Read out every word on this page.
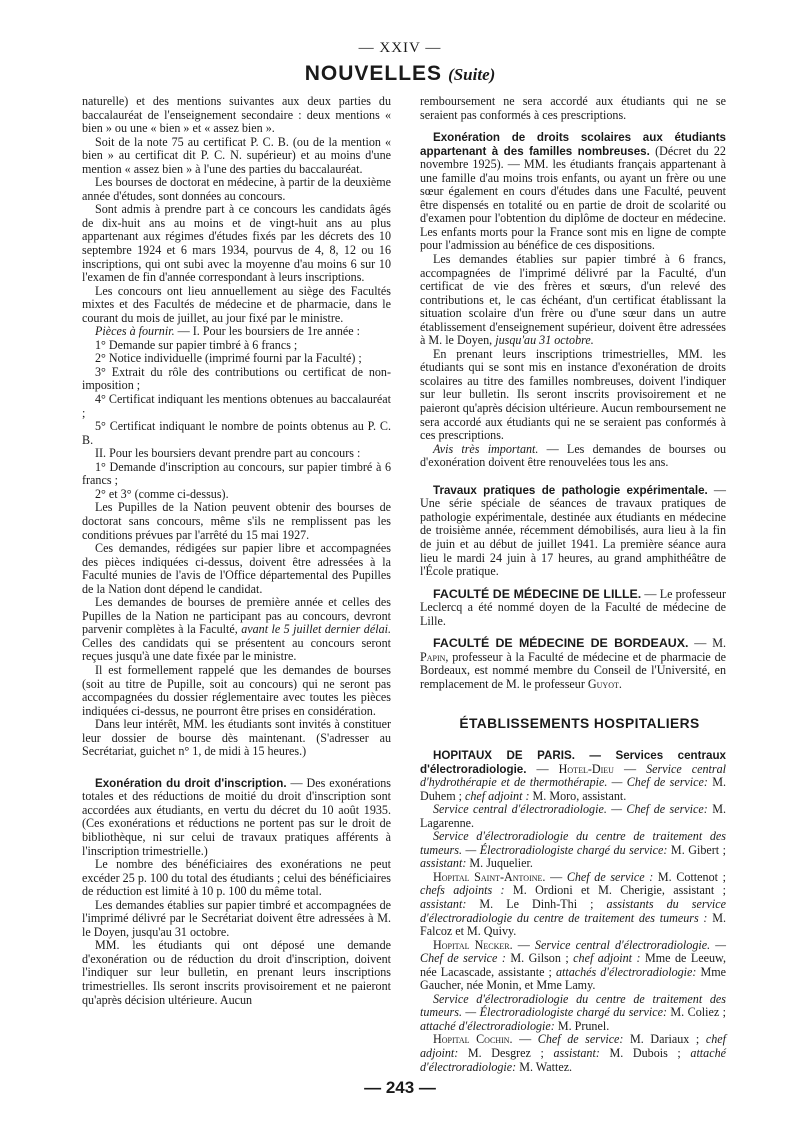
— XXIV —
NOUVELLES (Suite)

naturelle) et des mentions suivantes aux deux parties du baccalauréat de l'enseignement secondaire : deux mentions « bien » ou une « bien » et « assez bien ».

Soit de la note 75 au certificat P. C. B. (ou de la mention « bien » au certificat dit P. C. N. supérieur) et au moins d'une mention « assez bien » à l'une des parties du baccalauréat.

Les bourses de doctorat en médecine, à partir de la deuxième année d'études, sont données au concours.

Sont admis à prendre part à ce concours les candidats âgés de dix-huit ans au moins et de vingt-huit ans au plus appartenant aux régimes d'études fixés par les décrets des 10 septembre 1924 et 6 mars 1934, pourvus de 4, 8, 12 ou 16 inscriptions, qui ont subi avec la moyenne d'au moins 6 sur 10 l'examen de fin d'année correspondant à leurs inscriptions.

Les concours ont lieu annuellement au siège des Facultés mixtes et des Facultés de médecine et de pharmacie, dans le courant du mois de juillet, au jour fixé par le ministre.

Pièces à fournir. — I. Pour les boursiers de 1re année :

1° Demande sur papier timbré à 6 francs ;

2° Notice individuelle (imprimé fourni par la Faculté) ;

3° Extrait du rôle des contributions ou certificat de non-imposition ;

4° Certificat indiquant les mentions obtenues au baccalauréat ;

5° Certificat indiquant le nombre de points obtenus au P. C. B.

II. Pour les boursiers devant prendre part au concours :

1° Demande d'inscription au concours, sur papier timbré à 6 francs ;

2° et 3° (comme ci-dessus).

Les Pupilles de la Nation peuvent obtenir des bourses de doctorat sans concours, même s'ils ne remplissent pas les conditions prévues par l'arrêté du 15 mai 1927.

Ces demandes, rédigées sur papier libre et accompagnées des pièces indiquées ci-dessus, doivent être adressées à la Faculté munies de l'avis de l'Office départemental des Pupilles de la Nation dont dépend le candidat.

Les demandes de bourses de première année et celles des Pupilles de la Nation ne participant pas au concours, devront parvenir complètes à la Faculté, avant le 5 juillet dernier délai. Celles des candidats qui se présentent au concours seront reçues jusqu'à une date fixée par le ministre.

Il est formellement rappelé que les demandes de bourses (soit au titre de Pupille, soit au concours) qui ne seront pas accompagnées du dossier réglementaire avec toutes les pièces indiquées ci-dessus, ne pourront être prises en considération.

Dans leur intérêt, MM. les étudiants sont invités à constituer leur dossier de bourse dès maintenant. (S'adresser au Secrétariat, guichet n° 1, de midi à 15 heures.)

Exonération du droit d'inscription. — Des exonérations totales et des réductions de moitié du droit d'inscription sont accordées aux étudiants, en vertu du décret du 10 août 1935. (Ces exonérations et réductions ne portent pas sur le droit de bibliothèque, ni sur celui de travaux pratiques afférents à l'inscription trimestrielle.)

Le nombre des bénéficiaires des exonérations ne peut excéder 25 p. 100 du total des étudiants ; celui des bénéficiaires de réduction est limité à 10 p. 100 du même total.

Les demandes établies sur papier timbré et accompagnées de l'imprimé délivré par le Secrétariat doivent être adressées à M. le Doyen, jusqu'au 31 octobre.

MM. les étudiants qui ont déposé une demande d'exonération ou de réduction du droit d'inscription, doivent l'indiquer sur leur bulletin, en prenant leurs inscriptions trimestrielles. Ils seront inscrits provisoirement et ne paieront qu'après décision ultérieure. Aucun

remboursement ne sera accordé aux étudiants qui ne se seraient pas conformés à ces prescriptions.

Exonération de droits scolaires aux étudiants appartenant à des familles nombreuses. (Décret du 22 novembre 1925). — MM. les étudiants français appartenant à une famille d'au moins trois enfants, ou ayant un frère ou une sœur également en cours d'études dans une Faculté, peuvent être dispensés en totalité ou en partie de droit de scolarité ou d'examen pour l'obtention du diplôme de docteur en médecine. Les enfants morts pour la France sont mis en ligne de compte pour l'admission au bénéfice de ces dispositions.

Les demandes établies sur papier timbré à 6 francs, accompagnées de l'imprimé délivré par la Faculté, d'un certificat de vie des frères et sœurs, d'un relevé des contributions et, le cas échéant, d'un certificat établissant la situation scolaire d'un frère ou d'une sœur dans un autre établissement d'enseignement supérieur, doivent être adressées à M. le Doyen, jusqu'au 31 octobre.

En prenant leurs inscriptions trimestrielles, MM. les étudiants qui se sont mis en instance d'exonération de droits scolaires au titre des familles nombreuses, doivent l'indiquer sur leur bulletin. Ils seront inscrits provisoirement et ne paieront qu'après décision ultérieure. Aucun remboursement ne sera accordé aux étudiants qui ne se seraient pas conformés à ces prescriptions.

Avis très important. — Les demandes de bourses ou d'exonération doivent être renouvelées tous les ans.

Travaux pratiques de pathologie expérimentale. — Une série spéciale de séances de travaux pratiques de pathologie expérimentale, destinée aux étudiants en médecine de troisième année, récemment démobilisés, aura lieu à la fin de juin et au début de juillet 1941. La première séance aura lieu le mardi 24 juin à 17 heures, au grand amphithéâtre de l'École pratique.

FACULTÉ DE MÉDECINE DE LILLE. — Le professeur Leclercq a été nommé doyen de la Faculté de médecine de Lille.

FACULTÉ DE MÉDECINE DE BORDEAUX. — M. Papin, professeur à la Faculté de médecine et de pharmacie de Bordeaux, est nommé membre du Conseil de l'Université, en remplacement de M. le professeur Guyot.

ÉTABLISSEMENTS HOSPITALIERS

HOPITAUX DE PARIS. — Services centraux d'électroradiologie. — Hotel-Dieu — Service central d'hydrothérapie et de thermothérapie. — Chef de service: M. Duhem ; chef adjoint : M. Moro, assistant.

Service central d'électroradiologie. — Chef de service: M. Lagarenne.

Service d'électroradiologie du centre de traitement des tumeurs. — Électroradiologiste chargé du service: M. Gibert ; assistant: M. Juquelier.

Hopital Saint-Antoine. — Chef de service : M. Cottenot ; chefs adjoints : M. Ordioni et M. Cherigie, assistant ; assistant: M. Le Dinh-Thi ; assistants du service d'électroradiologie du centre de traitement des tumeurs : M. Falcoz et M. Quivy.

Hopital Necker. — Service central d'électroradiologie. — Chef de service : M. Gilson ; chef adjoint : Mme de Leeuw, née Lacascade, assistante ; attachés d'électroradiologie: Mme Gaucher, née Monin, et Mme Lamy.

Service d'électroradiologie du centre de traitement des tumeurs. — Électroradiologiste chargé du service: M. Coliez ; attaché d'électroradiologie: M. Prunel.

Hopital Cochin. — Chef de service: M. Dariaux ; chef adjoint: M. Desgrez ; assistant: M. Dubois ; attaché d'électroradiologie: M. Wattez.

— 243 —
